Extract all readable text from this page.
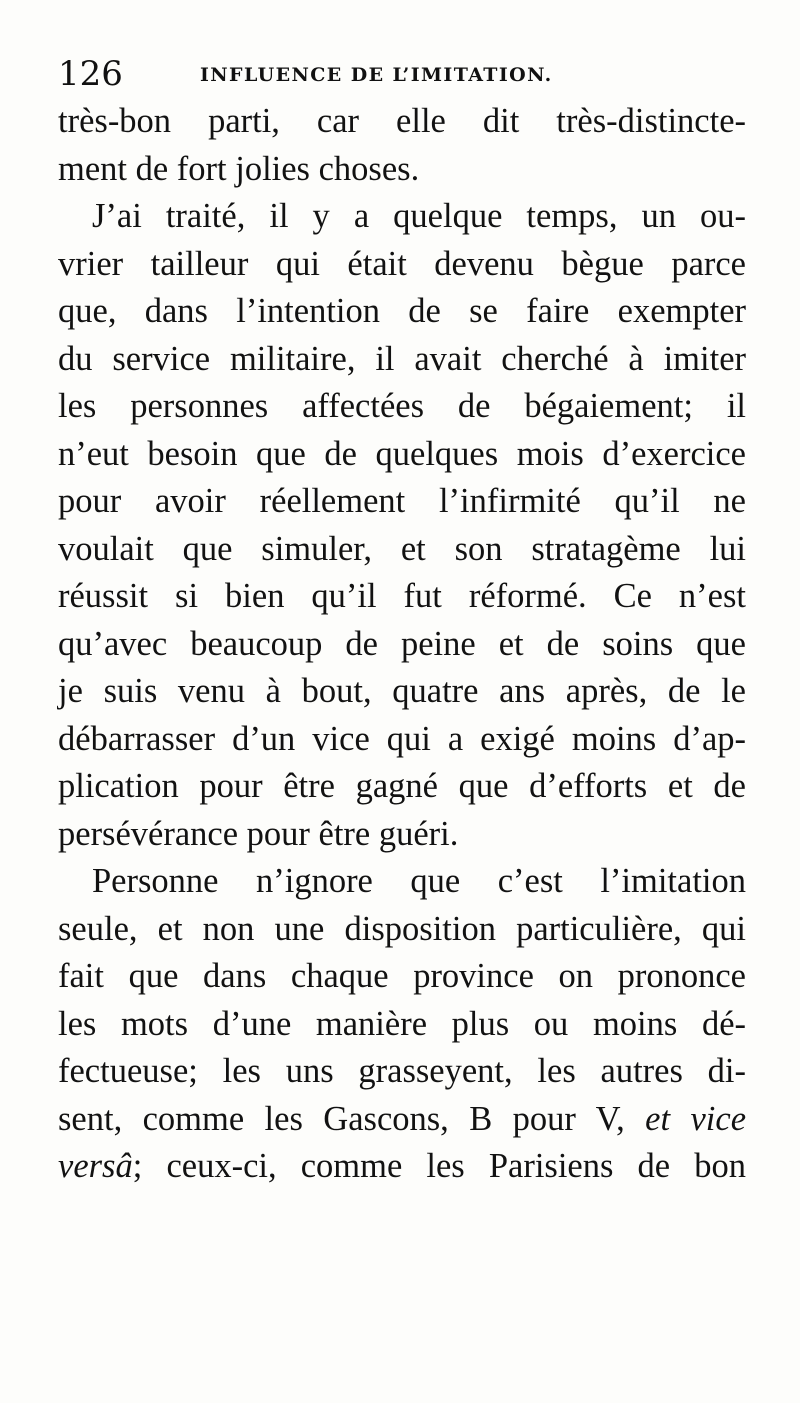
126	INFLUENCE DE L’IMITATION.
très-bon parti, car elle dit très-distincte-
ment de fort jolies choses.
J’ai traité, il y a quelque temps, un ou-
vrier tailleur qui était devenu bègue parce
que, dans l’intention de se faire exempter
du service militaire, il avait cherché à imiter
les personnes affectées de bégaiement; il
n’eut besoin que de quelques mois d’exercice
pour avoir réellement l’infirmité qu’il ne
voulait que simuler, et son stratagème lui
réussit si bien qu’il fut réformé. Ce n’est
qu’avec beaucoup de peine et de soins que
je suis venu à bout, quatre ans après, de le
débarrasser d’un vice qui a exigé moins d’ap-
plication pour être gagné que d’efforts et de
persévérance pour être guéri.
Personne n’ignore que c’est l’imitation
seule, et non une disposition particulière, qui
fait que dans chaque province on prononce
les mots d’une manière plus ou moins dé-
fectueuse; les uns grasseyent, les autres di-
sent, comme les Gascons, B pour V, et vice
versâ; ceux-ci, comme les Parisiens de bon
